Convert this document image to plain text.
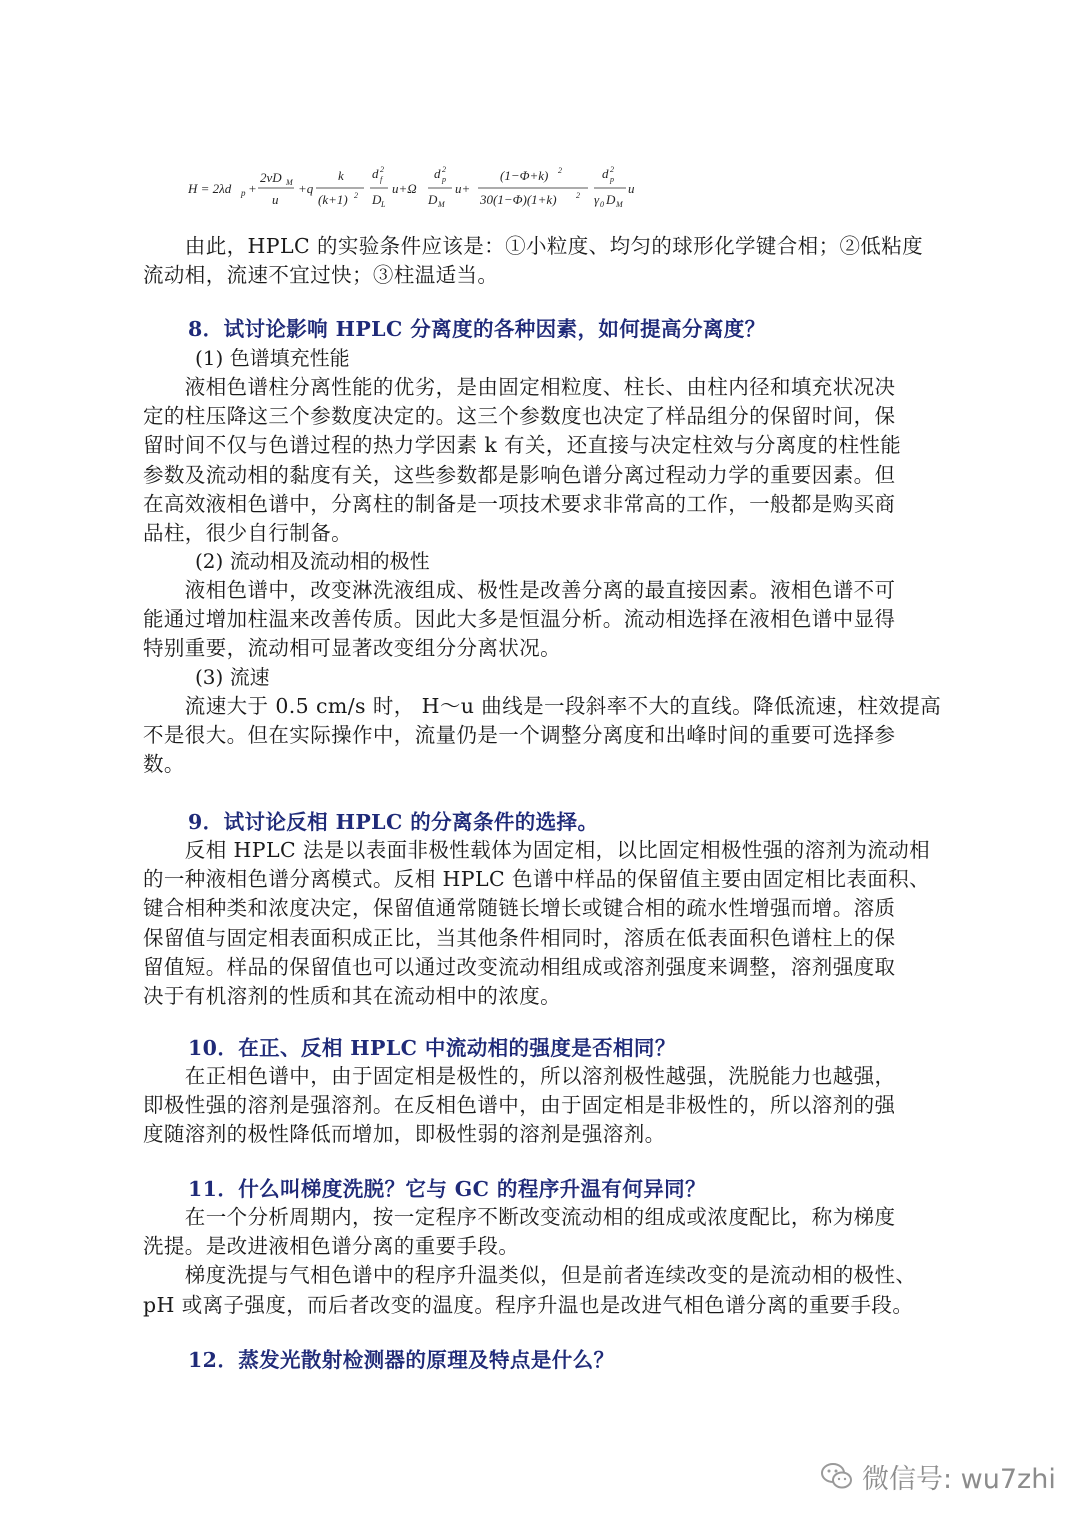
H = 2λd p +
2νD M
u
+q
k
(k+1) 2
d 2
f
D L
u+Ω
d 2
p
D M
u+
(1−Φ+k) 2
30(1−Φ)(1+k) 2
d 2
p
γ 0 D M
u
　　由此，HPLC 的实验条件应该是：①小粒度、均匀的球形化学键合相；②低粘度
流动相，流速不宜过快；③柱温适当。
8．试讨论影响 HPLC 分离度的各种因素，如何提高分离度？
(1) 色谱填充性能
　　液相色谱柱分离性能的优劣，是由固定相粒度、柱长、由柱内径和填充状况决
定的柱压降这三个参数度决定的。这三个参数度也决定了样品组分的保留时间，保
留时间不仅与色谱过程的热力学因素 k 有关，还直接与决定柱效与分离度的柱性能
参数及流动相的黏度有关，这些参数都是影响色谱分离过程动力学的重要因素。但
在高效液相色谱中，分离柱的制备是一项技术要求非常高的工作，一般都是购买商
品柱，很少自行制备。
(2) 流动相及流动相的极性
　　液相色谱中，改变淋洗液组成、极性是改善分离的最直接因素。液相色谱不可
能通过增加柱温来改善传质。因此大多是恒温分析。流动相选择在液相色谱中显得
特别重要，流动相可显著改变组分分离状况。
(3) 流速
　　流速大于 0.5 cm/s 时， H～u 曲线是一段斜率不大的直线。降低流速，柱效提高
不是很大。但在实际操作中，流量仍是一个调整分离度和出峰时间的重要可选择参
数。
9．试讨论反相 HPLC 的分离条件的选择。
　　反相 HPLC 法是以表面非极性载体为固定相，以比固定相极性强的溶剂为流动相
的一种液相色谱分离模式。反相 HPLC 色谱中样品的保留值主要由固定相比表面积、
键合相种类和浓度决定，保留值通常随链长增长或键合相的疏水性增强而增。溶质
保留值与固定相表面积成正比，当其他条件相同时，溶质在低表面积色谱柱上的保
留值短。样品的保留值也可以通过改变流动相组成或溶剂强度来调整，溶剂强度取
决于有机溶剂的性质和其在流动相中的浓度。
10．在正、反相 HPLC 中流动相的强度是否相同？
　　在正相色谱中，由于固定相是极性的，所以溶剂极性越强，洗脱能力也越强，
即极性强的溶剂是强溶剂。在反相色谱中，由于固定相是非极性的，所以溶剂的强
度随溶剂的极性降低而增加，即极性弱的溶剂是强溶剂。
11．什么叫梯度洗脱？它与 GC 的程序升温有何异同？
　　在一个分析周期内，按一定程序不断改变流动相的组成或浓度配比，称为梯度
洗提。是改进液相色谱分离的重要手段。
　　梯度洗提与气相色谱中的程序升温类似，但是前者连续改变的是流动相的极性、
pH 或离子强度，而后者改变的温度。程序升温也是改进气相色谱分离的重要手段。
12．蒸发光散射检测器的原理及特点是什么？
微信号: wu7zhi
